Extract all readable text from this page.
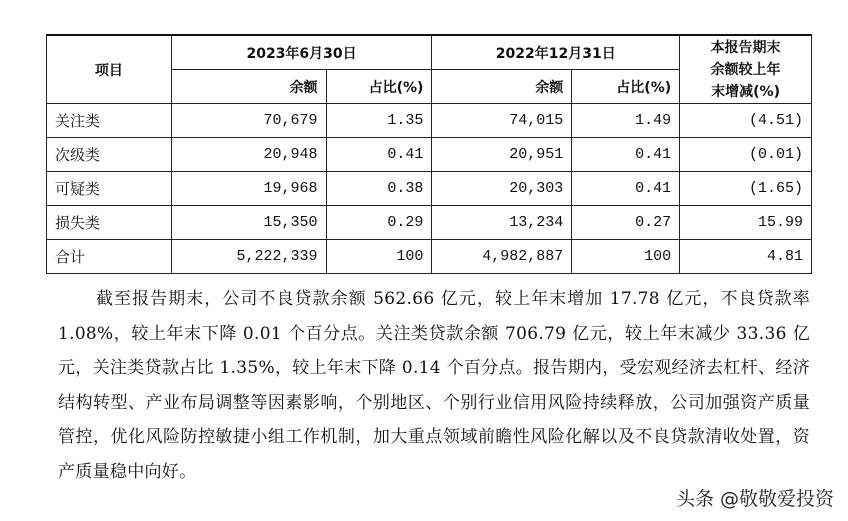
项目	2023年6月30日		2022年12月31日		本报告期末余额较上年末增减(%)
	余额	占比(%)	余额	占比(%)	
关注类	70,679	1.35	74,015	1.49	(4.51)
次级类	20,948	0.41	20,951	0.41	(0.01)
可疑类	19,968	0.38	20,303	0.41	(1.65)
损失类	15,350	0.29	13,234	0.27	15.99
合计	5,222,339	100	4,982,887	100	4.81
截至报告期末，公司不良贷款余额 562.66 亿元，较上年末增加 17.78 亿元，不良贷款率 1.08%，较上年末下降 0.01 个百分点。关注类贷款余额 706.79 亿元，较上年末减少 33.36 亿元，关注类贷款占比 1.35%，较上年末下降 0.14 个百分点。报告期内，受宏观经济去杠杆、经济结构转型、产业布局调整等因素影响，个别地区、个别行业信用风险持续释放，公司加强资产质量管控，优化风险防控敏捷小组工作机制，加大重点领域前瞻性风险化解以及不良贷款清收处置，资产质量稳中向好。
头条 @敬敬爱投资
